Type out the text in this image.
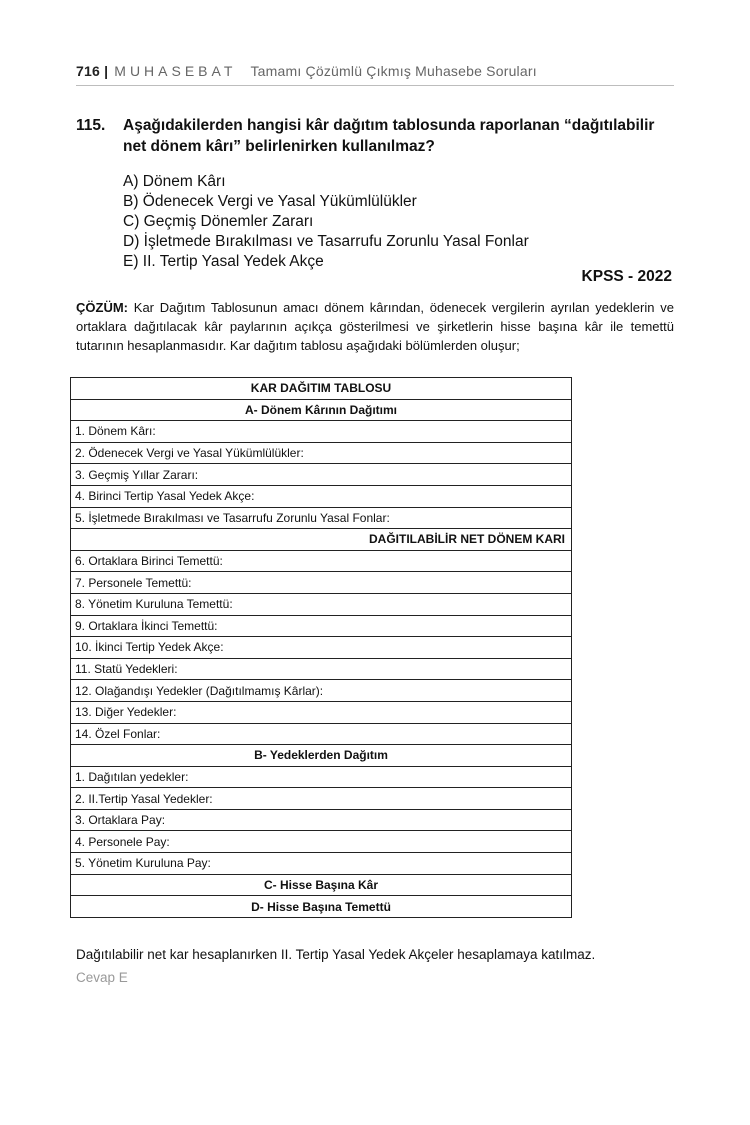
716 | MUHASEBAT Tamamı Çözümlü Çıkmış Muhasebe Soruları
115. Aşağıdakilerden hangisi kâr dağıtım tablosunda raporlanan “dağıtılabilir net dönem kârı” belirlenirken kullanılmaz?
A) Dönem Kârı
B) Ödenecek Vergi ve Yasal Yükümlülükler
C) Geçmiş Dönemler Zararı
D) İşletmede Bırakılması ve Tasarrufu Zorunlu Yasal Fonlar
E) II. Tertip Yasal Yedek Akçe
KPSS - 2022
ÇÖZÜM: Kar Dağıtım Tablosunun amacı dönem kârından, ödenecek vergilerin ayrılan yedeklerin ve ortaklara dağıtılacak kâr paylarının açıkça gösterilmesi ve şirketlerin hisse başına kâr ile temettü tutarının hesaplanmasıdır. Kar dağıtım tablosu aşağıdaki bölümlerden oluşur;
KAR DAĞITIM TABLOSU
A- Dönem Kârının Dağıtımı
1. Dönem Kârı:
2. Ödenecek Vergi ve Yasal Yükümlülükler:
3. Geçmiş Yıllar Zararı:
4. Birinci Tertip Yasal Yedek Akçe:
5. İşletmede Bırakılması ve Tasarrufu Zorunlu Yasal Fonlar:
DAĞITILABİLİR NET DÖNEM KARI
6. Ortaklara Birinci Temettü:
7. Personele Temettü:
8. Yönetim Kuruluna Temettü:
9. Ortaklara İkinci Temettü:
10. İkinci Tertip Yedek Akçe:
11. Statü Yedekleri:
12. Olağandışı Yedekler (Dağıtılmamış Kârlar):
13. Diğer Yedekler:
14. Özel Fonlar:
B- Yedeklerden Dağıtım
1. Dağıtılan yedekler:
2. II.Tertip Yasal Yedekler:
3. Ortaklara Pay:
4. Personele Pay:
5. Yönetim Kuruluna Pay:
C- Hisse Başına Kâr
D- Hisse Başına Temettü
Dağıtılabilir net kar hesaplanırken II. Tertip Yasal Yedek Akçeler hesaplamaya katılmaz.
Cevap E
